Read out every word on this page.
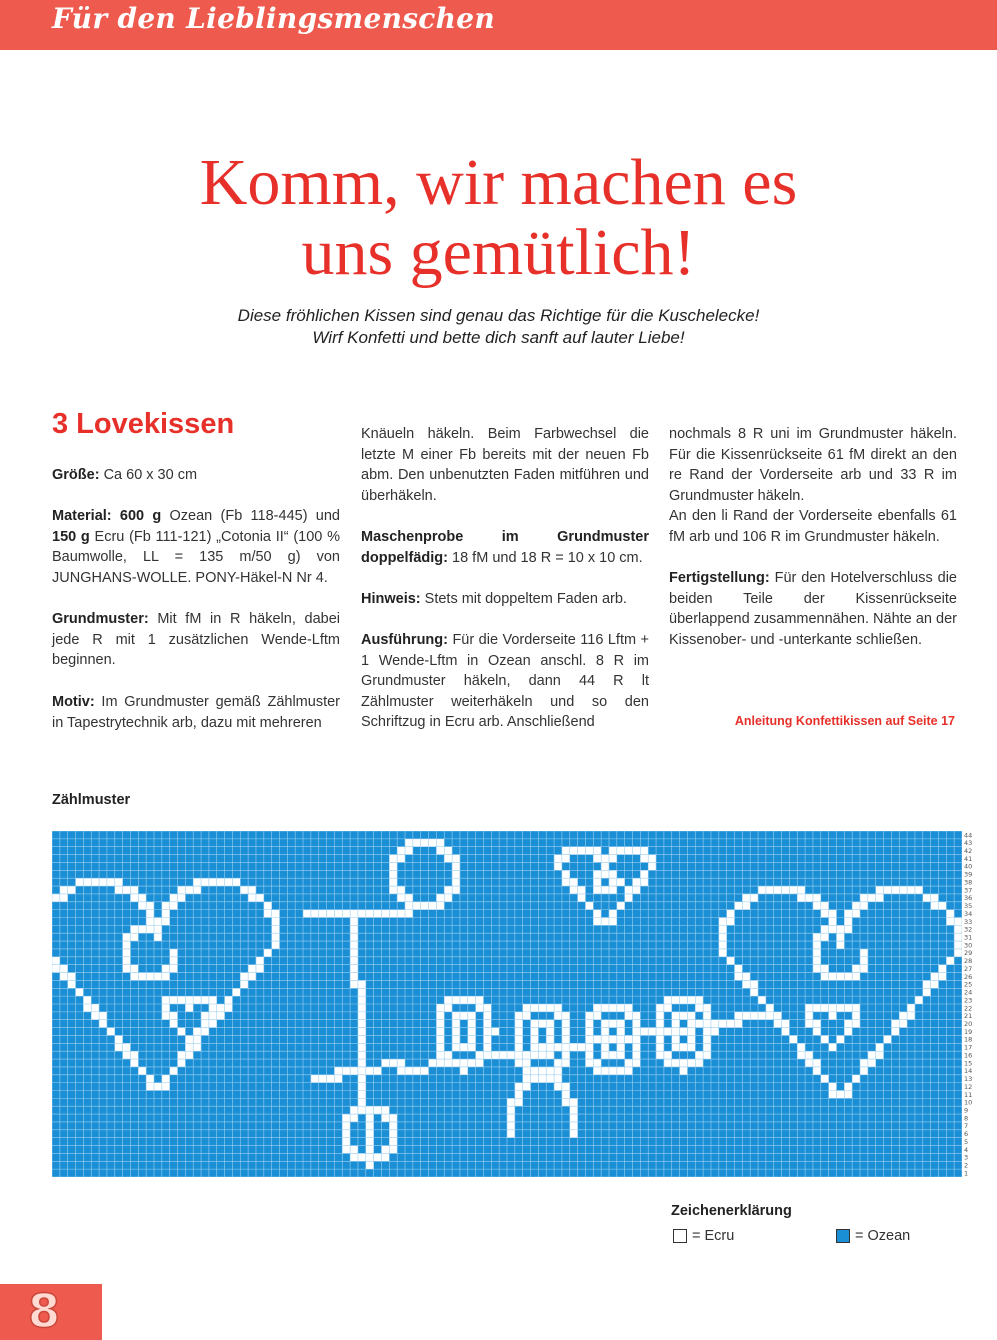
Für den Lieblingsmenschen
Komm, wir machen es
uns gemütlich!
Diese fröhlichen Kissen sind genau das Richtige für die Kuschelecke!
Wirf Konfetti und bette dich sanft auf lauter Liebe!
3 Lovekissen

Größe: Ca 60 x 30 cm

Material: 600 g Ozean (Fb 118-445) und 150 g Ecru (Fb 111-121) „Cotonia II“ (100 % Baumwolle, LL = 135 m/50 g) von JUNGHANS-WOLLE. PONY-Häkel-N Nr 4.

Grundmuster: Mit fM in R häkeln, dabei jede R mit 1 zusätzlichen Wende-Lftm beginnen.

Motiv: Im Grundmuster gemäß Zählmuster in Tapestrytechnik arb, dazu mit mehreren

Knäueln häkeln. Beim Farbwechsel die letzte M einer Fb bereits mit der neuen Fb abm. Den unbenutzten Faden mitführen und überhäkeln.

Maschenprobe im Grundmuster doppelfädig: 18 fM und 18 R = 10 x 10 cm.

Hinweis: Stets mit doppeltem Faden arb.

Ausführung: Für die Vorderseite 116 Lftm + 1 Wende-Lftm in Ozean anschl. 8 R im Grundmuster häkeln, dann 44 R lt Zählmuster weiterhäkeln und so den Schriftzug in Ecru arb. Anschließend

nochmals 8 R uni im Grundmuster häkeln. Für die Kissenrückseite 61 fM direkt an den re Rand der Vorderseite arb und 33 R im Grundmuster häkeln.

An den li Rand der Vorderseite ebenfalls 61 fM arb und 106 R im Grundmuster häkeln.

Fertigstellung: Für den Hotelverschluss die beiden Teile der Kissenrückseite überlappend zusammennähen. Nähte an der Kissenober- und -unterkante schließen.

Anleitung Konfettikissen auf Seite 17
Zählmuster
44
43
42
41
40
39
38
37
36
35
34
33
32
31
30
29
28
27
26
25
24
23
22
21
20
19
18
17
16
15
14
13
12
11
10
9
8
7
6
5
4
3
2
1
Zeichenerklärung
= Ecru	= Ozean
8
